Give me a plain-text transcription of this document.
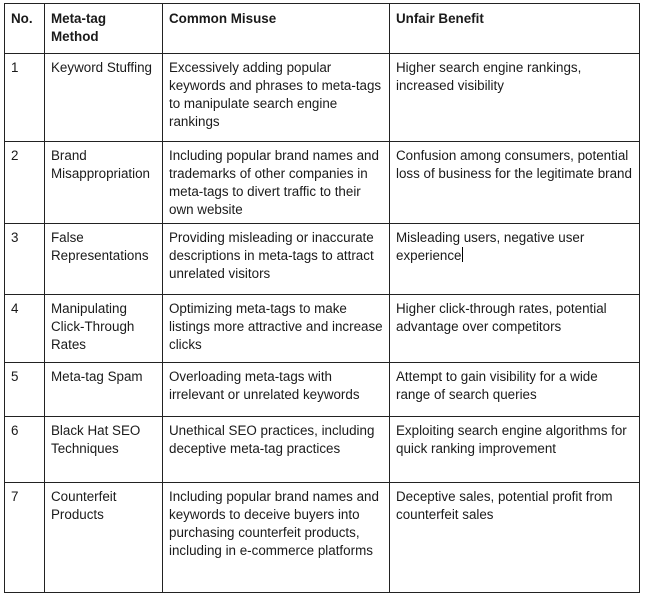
No.	Meta-tag Method	Common Misuse	Unfair Benefit
1	Keyword Stuffing	Excessively adding popular keywords and phrases to meta-tags to manipulate search engine rankings	Higher search engine rankings, increased visibility
2	Brand Misappropriation	Including popular brand names and trademarks of other companies in meta-tags to divert traffic to their own website	Confusion among consumers, potential loss of business for the legitimate brand
3	False Representations	Providing misleading or inaccurate descriptions in meta-tags to attract unrelated visitors	Misleading users, negative user experience
4	Manipulating Click-Through Rates	Optimizing meta-tags to make listings more attractive and increase clicks	Higher click-through rates, potential advantage over competitors
5	Meta-tag Spam	Overloading meta-tags with irrelevant or unrelated keywords	Attempt to gain visibility for a wide range of search queries
6	Black Hat SEO Techniques	Unethical SEO practices, including deceptive meta-tag practices	Exploiting search engine algorithms for quick ranking improvement
7	Counterfeit Products	Including popular brand names and keywords to deceive buyers into purchasing counterfeit products, including in e-commerce platforms	Deceptive sales, potential profit from counterfeit sales
